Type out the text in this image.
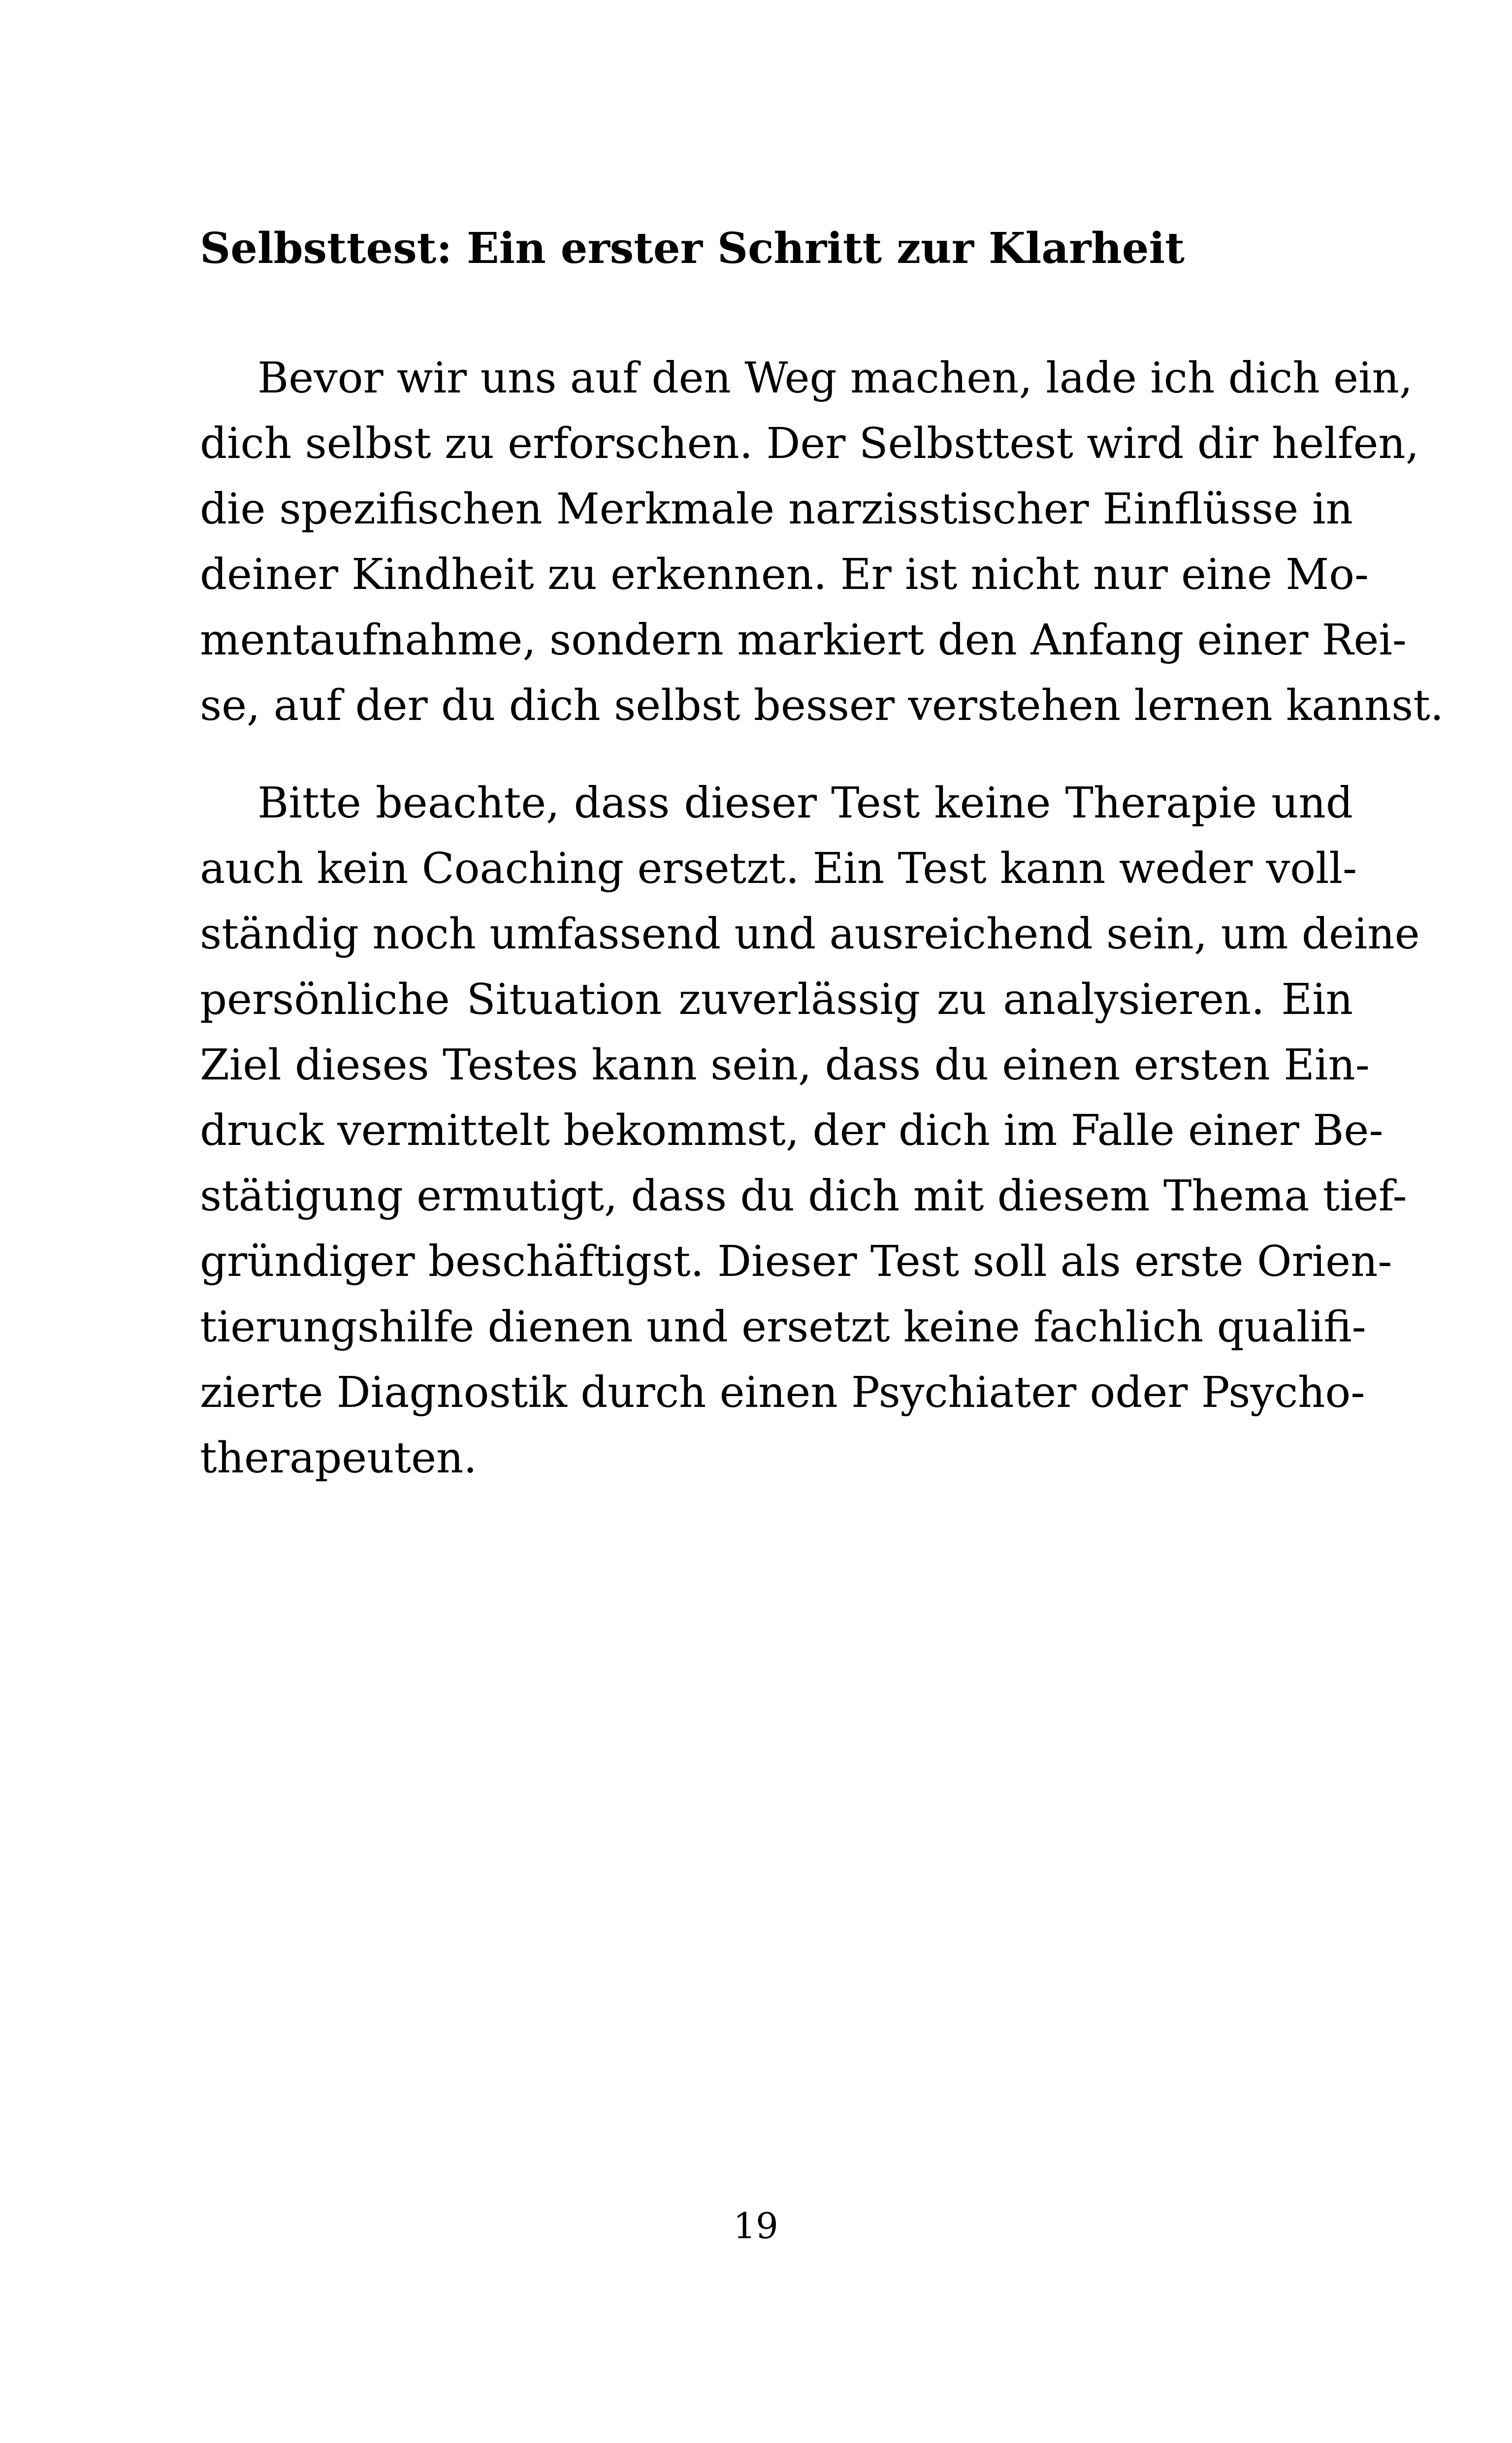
Selbsttest: Ein erster Schritt zur Klarheit

Bevor wir uns auf den Weg machen, lade ich dich ein,

dich selbst zu erforschen. Der Selbsttest wird dir helfen,

die spezifischen Merkmale narzisstischer Einflüsse in

deiner Kindheit zu erkennen. Er ist nicht nur eine Mo-

mentaufnahme, sondern markiert den Anfang einer Rei-

se, auf der du dich selbst besser verstehen lernen kannst.

Bitte beachte, dass dieser Test keine Therapie und

auch kein Coaching ersetzt. Ein Test kann weder voll-

ständig noch umfassend und ausreichend sein, um deine

persönliche Situation zuverlässig zu analysieren. Ein

Ziel dieses Testes kann sein, dass du einen ersten Ein-

druck vermittelt bekommst, der dich im Falle einer Be-

stätigung ermutigt, dass du dich mit diesem Thema tief-

gründiger beschäftigst. Dieser Test soll als erste Orien-

tierungshilfe dienen und ersetzt keine fachlich qualifi-

zierte Diagnostik durch einen Psychiater oder Psycho-

therapeuten.

19
